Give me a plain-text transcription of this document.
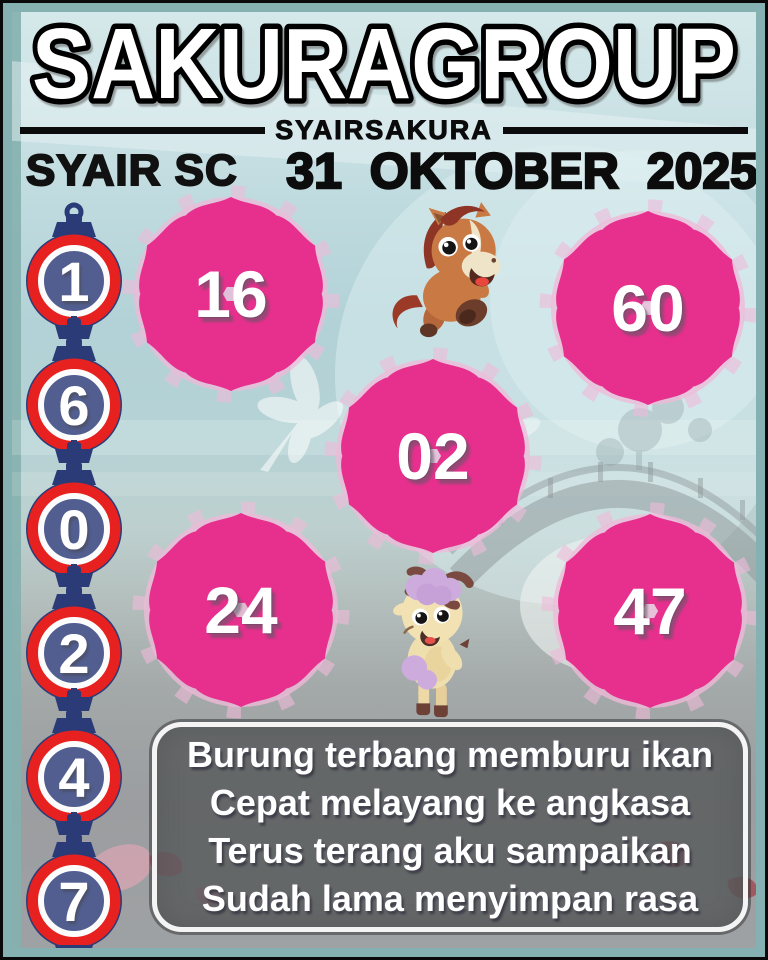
SAKURAGROUP
SYAIRSAKURA
SYAIR SC 31 OKTOBER 2025
1
6
0
2
4
7
16	60
02
24	47
Burung terbang memburu ikan
Cepat melayang ke angkasa
Terus terang aku sampaikan
Sudah lama menyimpan rasa
